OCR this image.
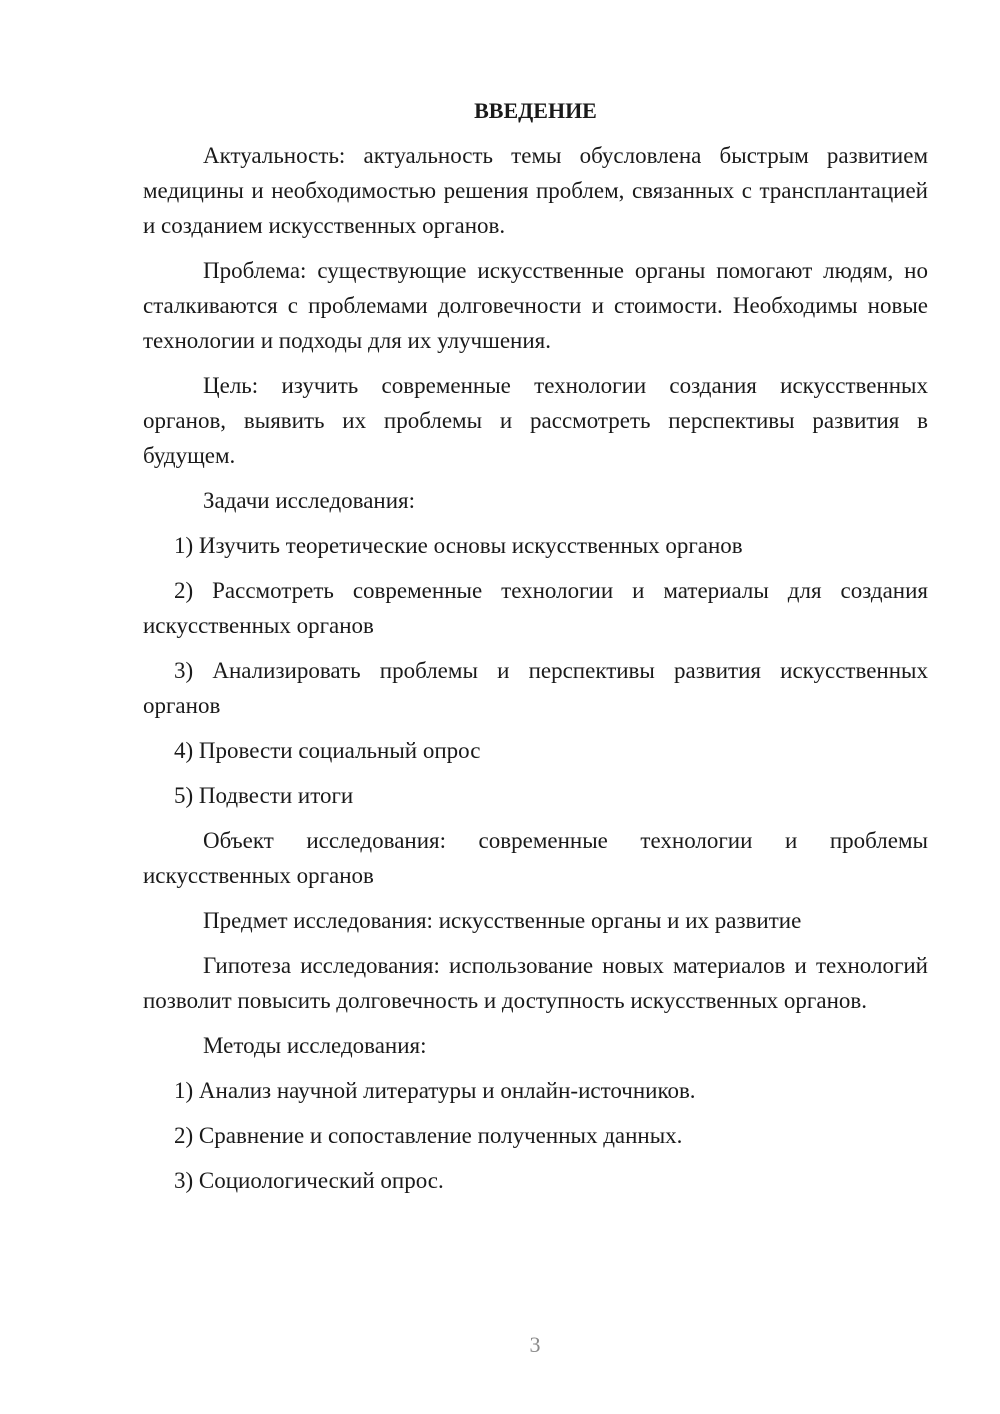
ВВЕДЕНИЕ

Актуальность: актуальность темы обусловлена быстрым развитием медицины и необходимостью решения проблем, связанных с трансплантацией и созданием искусственных органов.

Проблема: существующие искусственные органы помогают людям, но сталкиваются с проблемами долговечности и стоимости. Необходимы новые технологии и подходы для их улучшения.

Цель: изучить современные технологии создания искусственных органов, выявить их проблемы и рассмотреть перспективы развития в будущем.

Задачи исследования:

1) Изучить теоретические основы искусственных органов

2) Рассмотреть современные технологии и материалы для создания искусственных органов

3) Анализировать проблемы и перспективы развития искусственных органов

4) Провести социальный опрос

5) Подвести итоги

Объект исследования: современные технологии и проблемы искусственных органов

Предмет исследования: искусственные органы и их развитие

Гипотеза исследования: использование новых материалов и технологий позволит повысить долговечность и доступность искусственных органов.

Методы исследования:

1) Анализ научной литературы и онлайн-источников.

2) Сравнение и сопоставление полученных данных.

3) Социологический опрос.

3
